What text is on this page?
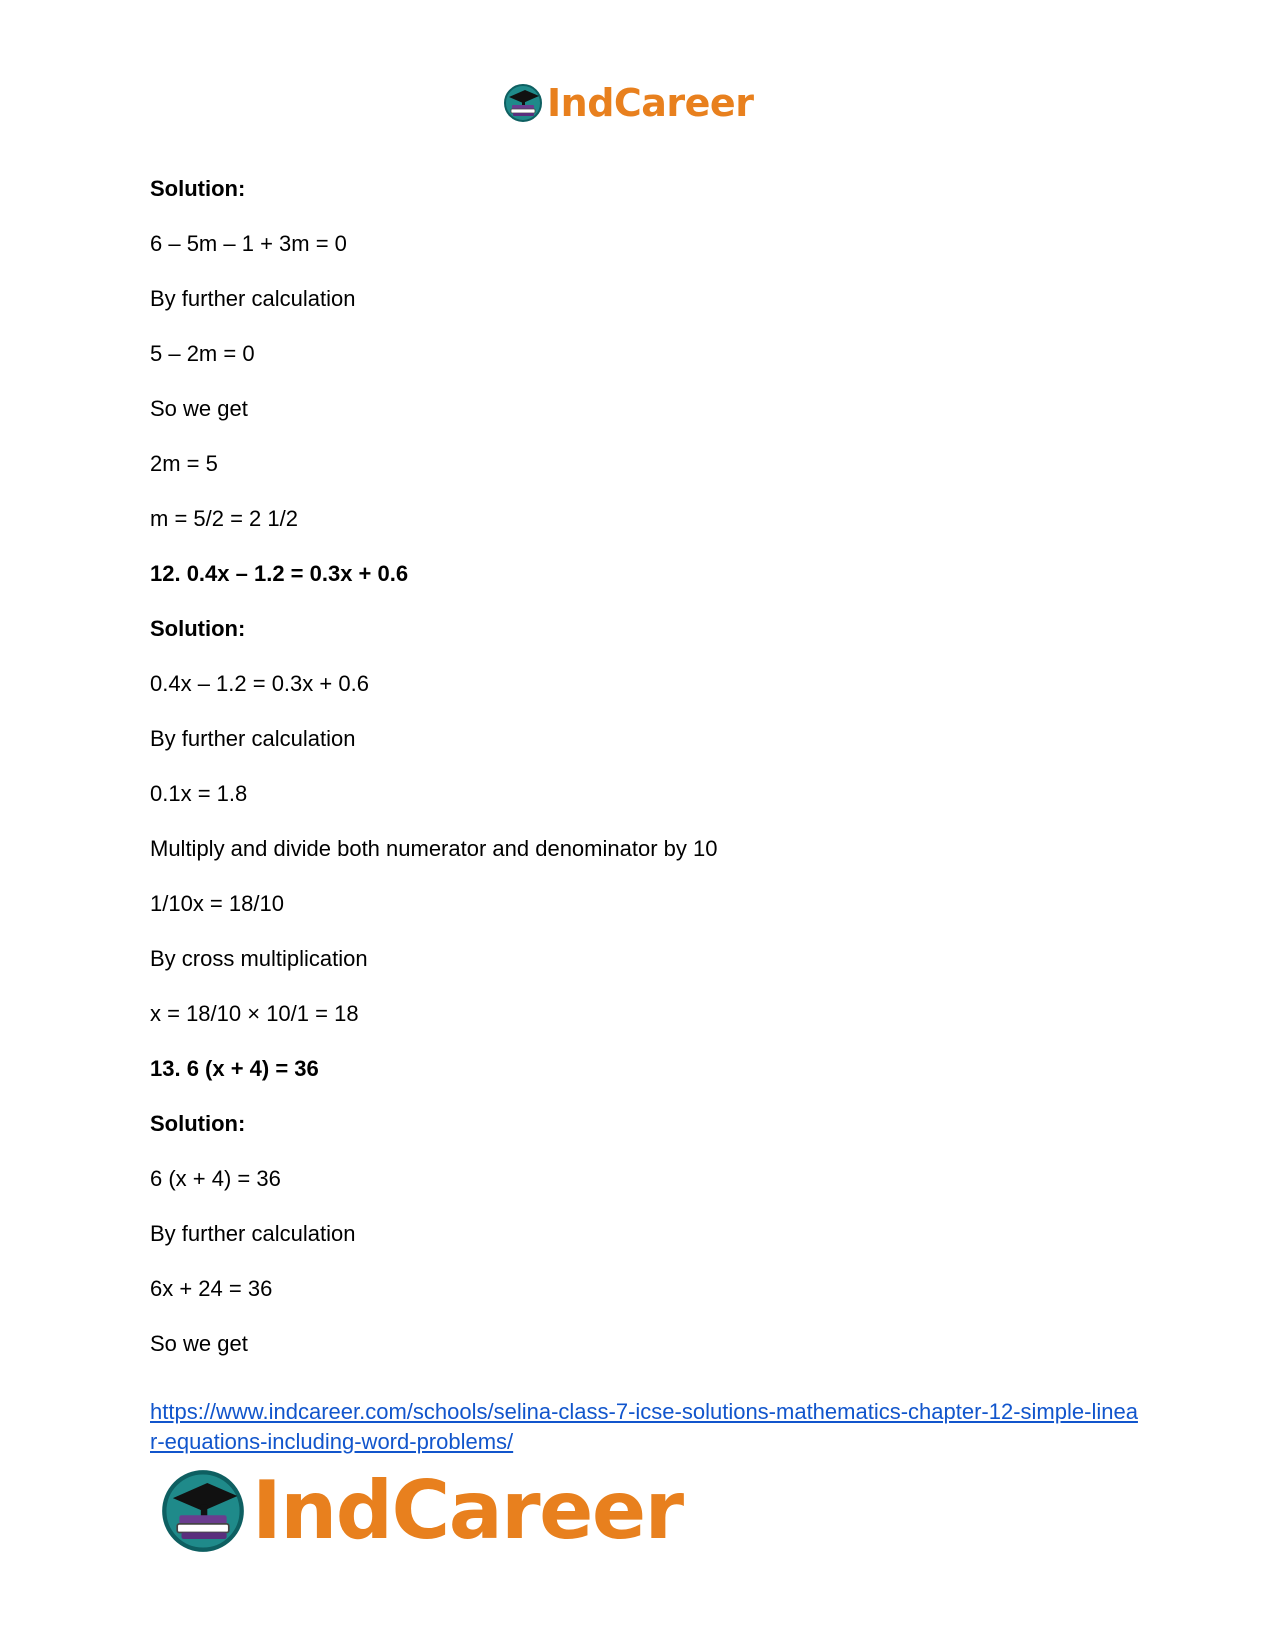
IndCareer
Solution:
6 – 5m – 1 + 3m = 0
By further calculation
5 – 2m = 0
So we get
2m = 5
m = 5/2 = 2 1/2
12. 0.4x – 1.2 = 0.3x + 0.6
Solution:
0.4x – 1.2 = 0.3x + 0.6
By further calculation
0.1x = 1.8
Multiply and divide both numerator and denominator by 10
1/10x = 18/10
By cross multiplication
x = 18/10 × 10/1 = 18
13. 6 (x + 4) = 36
Solution:
6 (x + 4) = 36
By further calculation
6x + 24 = 36
So we get
https://www.indcareer.com/schools/selina-class-7-icse-solutions-mathematics-chapter-12-simple-linear-equations-including-word-problems/
IndCareer
